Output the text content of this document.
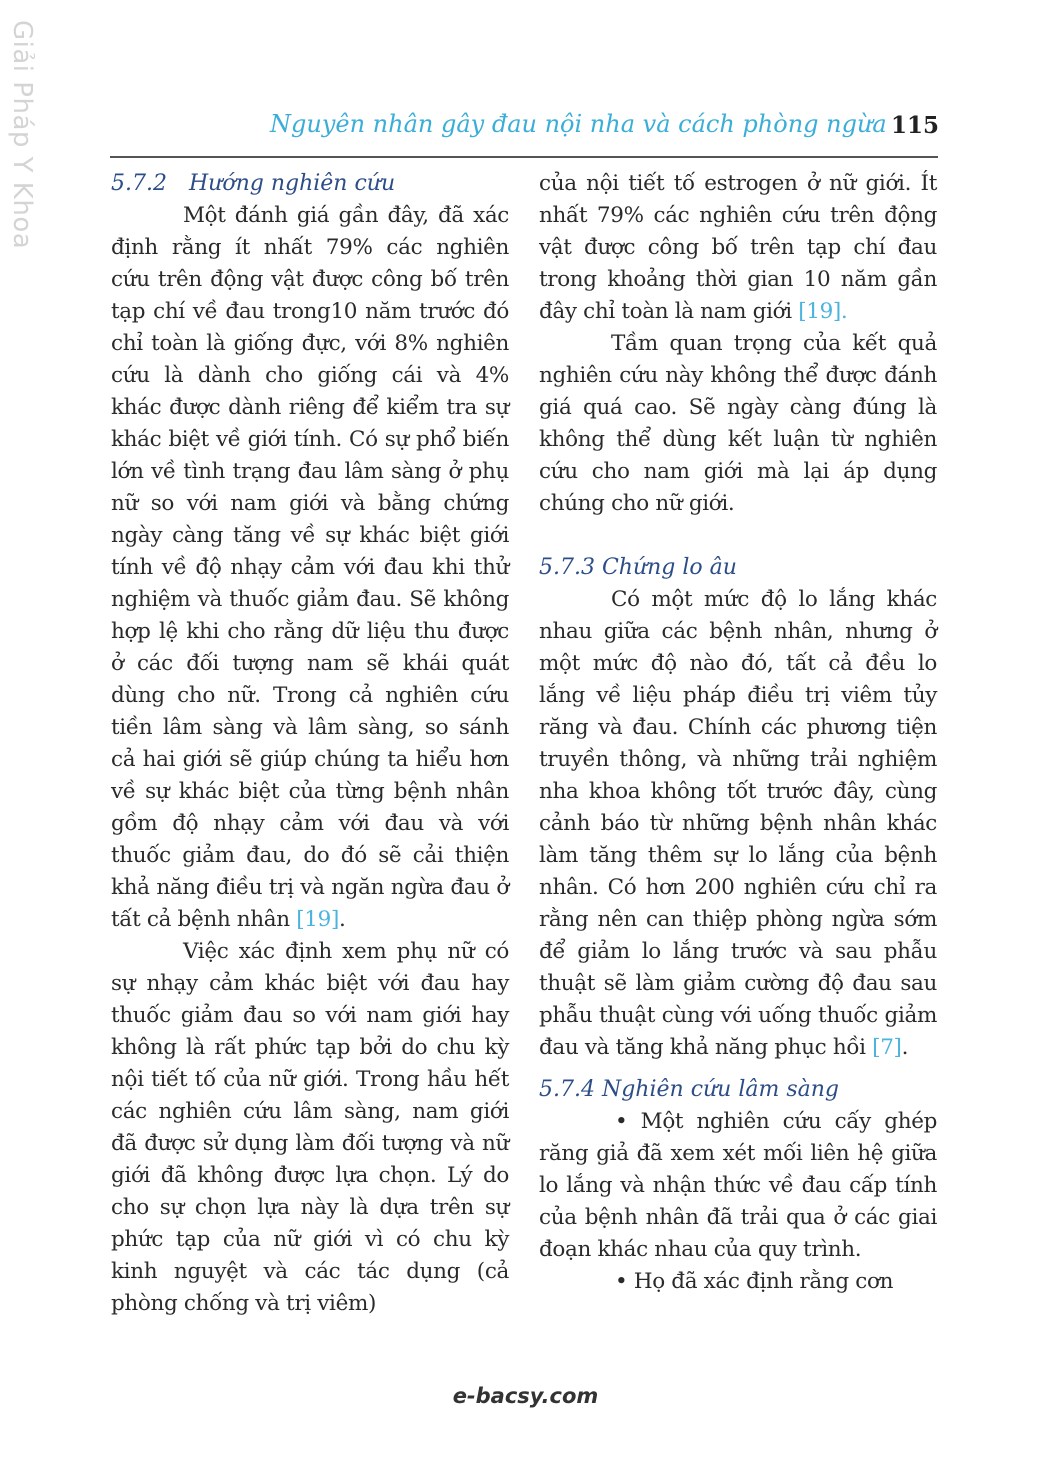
Giải Pháp Y Khoa	Nguyên nhân gây đau nội nha và cách phòng ngừa 115
5.7.2 Hướng nghiên cứu

Một đánh giá gần đây, đã xác định rằng ít nhất 79% các nghiên cứu trên động vật được công bố trên tạp chí về đau trong10 năm trước đó chỉ toàn là giống đực, với 8% nghiên cứu là dành cho giống cái và 4% khác được dành riêng để kiểm tra sự khác biệt về giới tính. Có sự phổ biến lớn về tình trạng đau lâm sàng ở phụ nữ so với nam giới và bằng chứng ngày càng tăng về sự khác biệt giới tính về độ nhạy cảm với đau khi thử nghiệm và thuốc giảm đau. Sẽ không hợp lệ khi cho rằng dữ liệu thu được ở các đối tượng nam sẽ khái quát dùng cho nữ. Trong cả nghiên cứu tiền lâm sàng và lâm sàng, so sánh cả hai giới sẽ giúp chúng ta hiểu hơn về sự khác biệt của từng bệnh nhân gồm độ nhạy cảm với đau và với thuốc giảm đau, do đó sẽ cải thiện khả năng điều trị và ngăn ngừa đau ở tất cả bệnh nhân [19].

Việc xác định xem phụ nữ có sự nhạy cảm khác biệt với đau hay thuốc giảm đau so với nam giới hay không là rất phức tạp bởi do chu kỳ nội tiết tố của nữ giới. Trong hầu hết các nghiên cứu lâm sàng, nam giới đã được sử dụng làm đối tượng và nữ giới đã không được lựa chọn. Lý do cho sự chọn lựa này là dựa trên sự phức tạp của nữ giới vì có chu kỳ kinh nguyệt và các tác dụng (cả phòng chống và trị viêm)

của nội tiết tố estrogen ở nữ giới. Ít nhất 79% các nghiên cứu trên động vật được công bố trên tạp chí đau trong khoảng thời gian 10 năm gần đây chỉ toàn là nam giới [19].

Tầm quan trọng của kết quả nghiên cứu này không thể được đánh giá quá cao. Sẽ ngày càng đúng là không thể dùng kết luận từ nghiên cứu cho nam giới mà lại áp dụng chúng cho nữ giới.

5.7.3 Chứng lo âu

Có một mức độ lo lắng khác nhau giữa các bệnh nhân, nhưng ở một mức độ nào đó, tất cả đều lo lắng về liệu pháp điều trị viêm tủy răng và đau. Chính các phương tiện truyền thông, và những trải nghiệm nha khoa không tốt trước đây, cùng cảnh báo từ những bệnh nhân khác làm tăng thêm sự lo lắng của bệnh nhân. Có hơn 200 nghiên cứu chỉ ra rằng nên can thiệp phòng ngừa sớm để giảm lo lắng trước và sau phẫu thuật sẽ làm giảm cường độ đau sau phẫu thuật cùng với uống thuốc giảm đau và tăng khả năng phục hồi [7].

5.7.4 Nghiên cứu lâm sàng

• Một nghiên cứu cấy ghép răng giả đã xem xét mối liên hệ giữa lo lắng và nhận thức về đau cấp tính của bệnh nhân đã trải qua ở các giai đoạn khác nhau của quy trình.

• Họ đã xác định rằng cơn

e-bacsy.com
